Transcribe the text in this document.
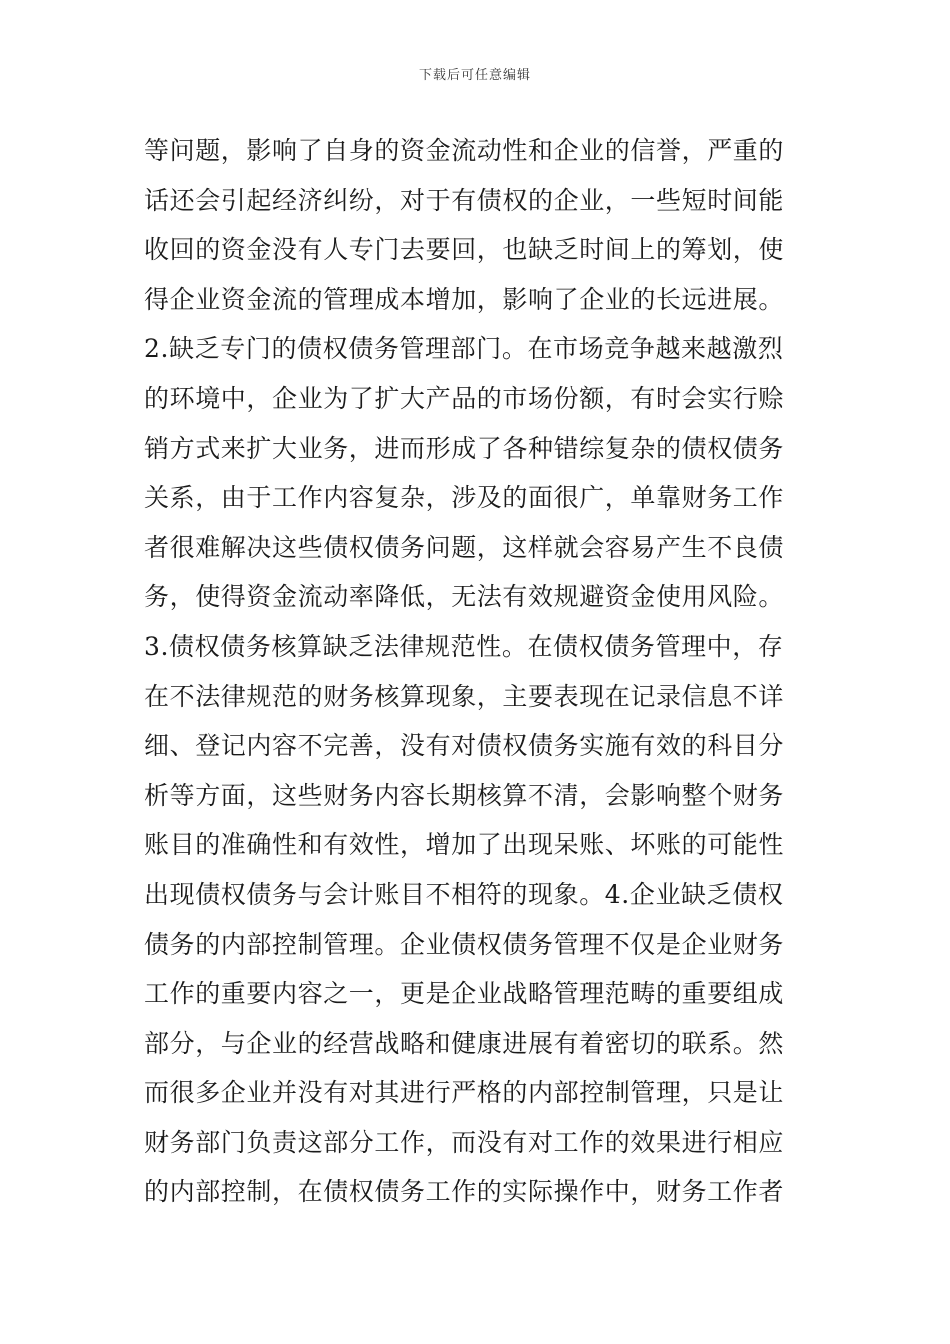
下载后可任意编辑
等问题，影响了自身的资金流动性和企业的信誉，严重的
话还会引起经济纠纷，对于有债权的企业，一些短时间能
收回的资金没有人专门去要回，也缺乏时间上的筹划，使
得企业资金流的管理成本增加，影响了企业的长远进展。
2.缺乏专门的债权债务管理部门。在市场竞争越来越激烈
的环境中，企业为了扩大产品的市场份额，有时会实行赊
销方式来扩大业务，进而形成了各种错综复杂的债权债务
关系，由于工作内容复杂，涉及的面很广，单靠财务工作
者很难解决这些债权债务问题，这样就会容易产生不良债
务，使得资金流动率降低，无法有效规避资金使用风险。
3.债权债务核算缺乏法律规范性。在债权债务管理中，存
在不法律规范的财务核算现象，主要表现在记录信息不详
细、登记内容不完善，没有对债权债务实施有效的科目分
析等方面，这些财务内容长期核算不清，会影响整个财务
账目的准确性和有效性，增加了出现呆账、坏账的可能性
出现债权债务与会计账目不相符的现象。4.企业缺乏债权
债务的内部控制管理。企业债权债务管理不仅是企业财务
工作的重要内容之一，更是企业战略管理范畴的重要组成
部分，与企业的经营战略和健康进展有着密切的联系。然
而很多企业并没有对其进行严格的内部控制管理，只是让
财务部门负责这部分工作，而没有对工作的效果进行相应
的内部控制，在债权债务工作的实际操作中，财务工作者
